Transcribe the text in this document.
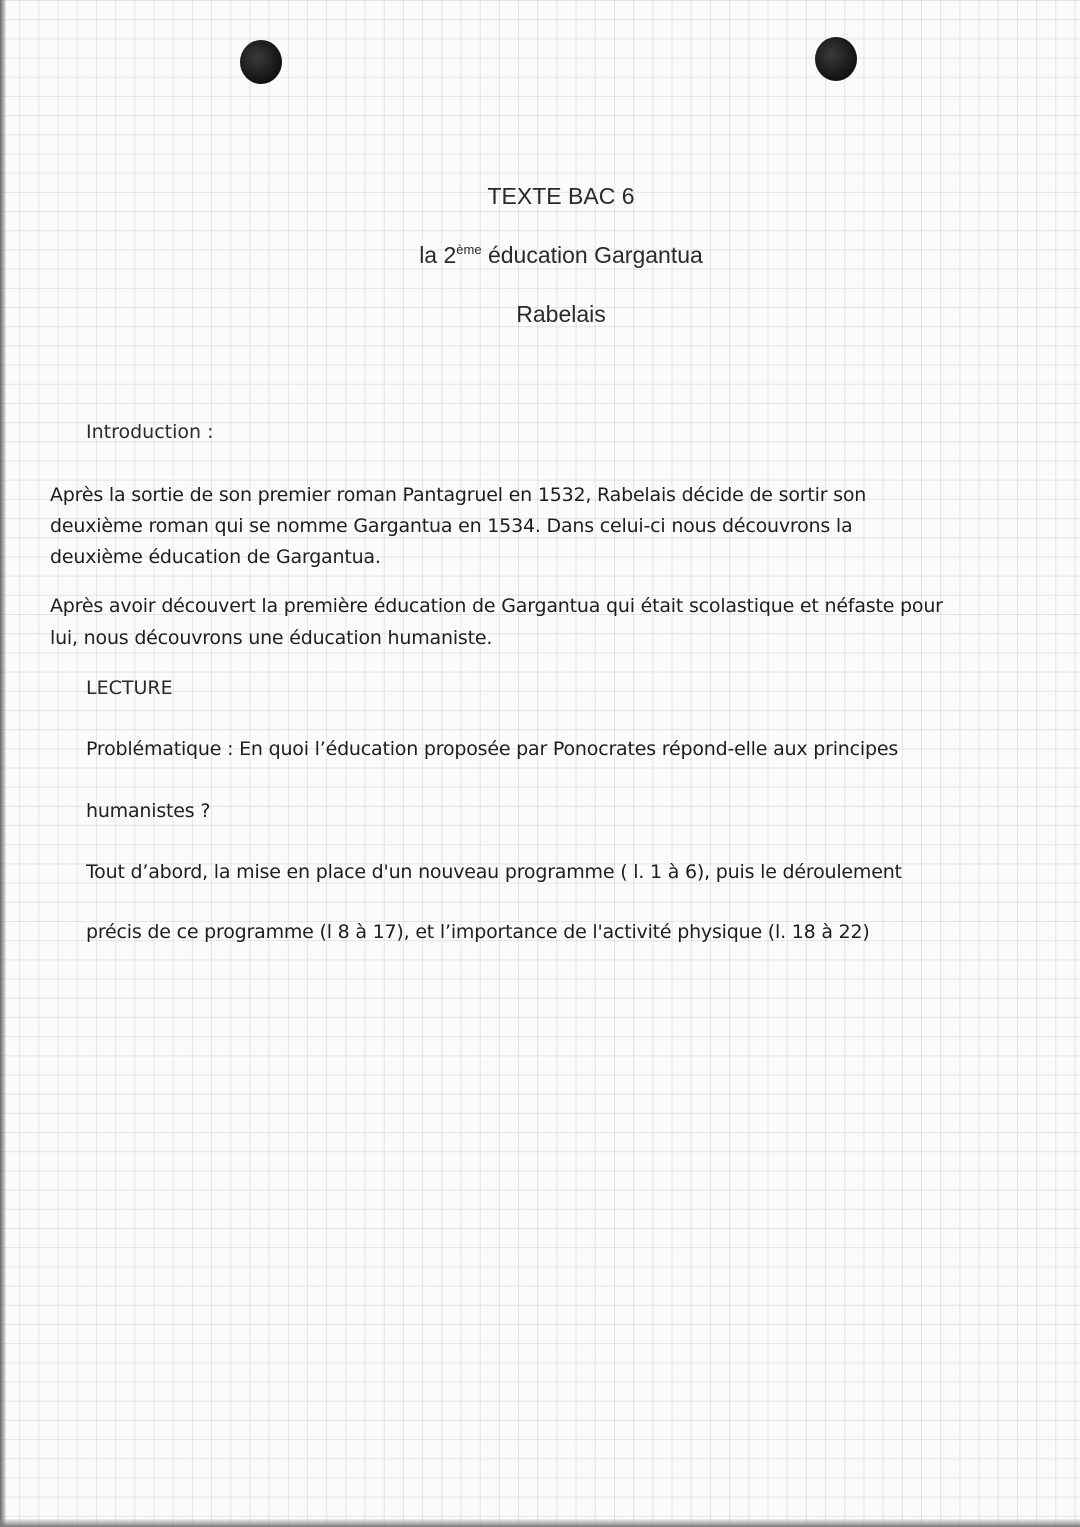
TEXTE BAC 6
la 2ème éducation Gargantua
Rabelais
Introduction :
Après la sortie de son premier roman Pantagruel en 1532, Rabelais décide de sortir son
deuxième roman qui se nomme Gargantua en 1534. Dans celui-ci nous découvrons la
deuxième éducation de Gargantua.
Après avoir découvert la première éducation de Gargantua qui était scolastique et néfaste pour
lui, nous découvrons une éducation humaniste.
LECTURE
Problématique : En quoi l’éducation proposée par Ponocrates répond-elle aux principes
humanistes ?
Tout d’abord, la mise en place d'un nouveau programme ( l. 1 à 6), puis le déroulement
précis de ce programme (l 8 à 17), et l’importance de l'activité physique (l. 18 à 22)
